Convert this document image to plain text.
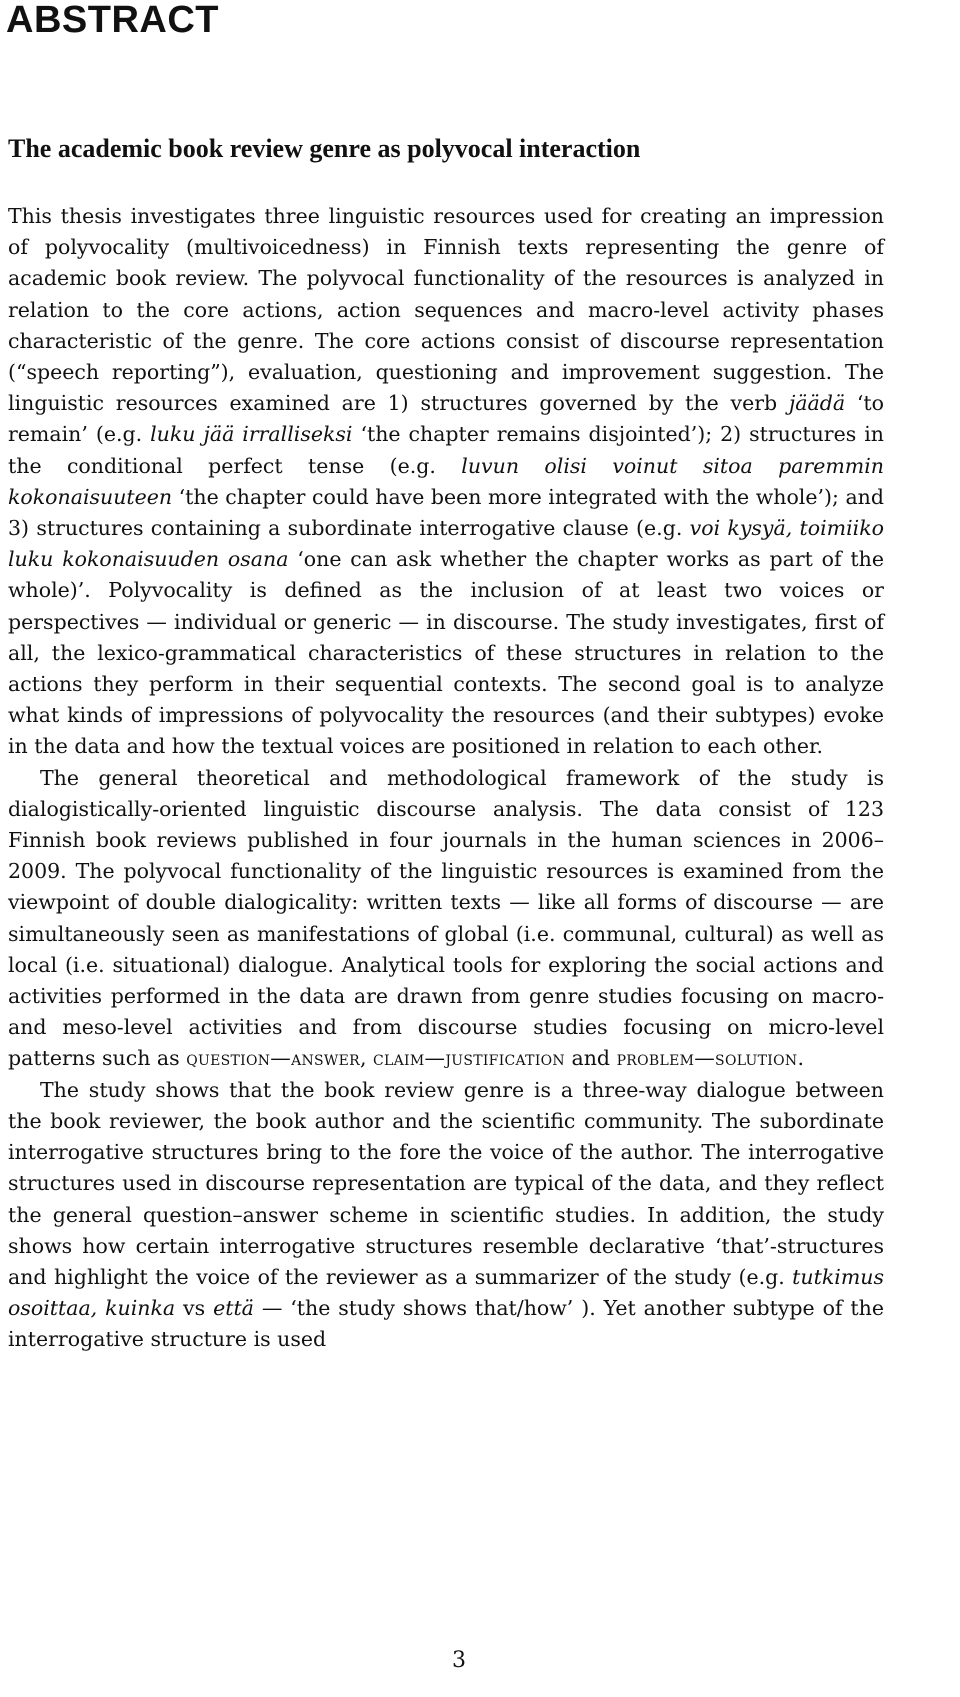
ABSTRACT
The academic book review genre as polyvocal interaction

This thesis investigates three linguistic resources used for creating an impression of polyvocality (multivoicedness) in Finnish texts representing the genre of academic book review. The polyvocal functionality of the resources is analyzed in relation to the core actions, action sequences and macro-level activity phases characteristic of the genre. The core actions consist of discourse representation (“speech reporting”), evaluation, questioning and improvement suggestion. The linguistic resources examined are 1) structures governed by the verb jäädä ‘to remain’ (e.g. luku jää irralliseksi ‘the chapter remains disjointed’); 2) structures in the conditional perfect tense (e.g. luvun olisi voinut sitoa paremmin kokonaisuuteen ‘the chapter could have been more integrated with the whole’); and 3) structures containing a subordinate interrogative clause (e.g. voi kysyä, toimiiko luku kokonaisuuden osana ‘one can ask whether the chapter works as part of the whole)’. Polyvocality is defined as the inclusion of at least two voices or perspectives — individual or generic — in discourse. The study investigates, first of all, the lexico-grammatical characteristics of these structures in relation to the actions they perform in their sequential contexts. The second goal is to analyze what kinds of impressions of polyvocality the resources (and their subtypes) evoke in the data and how the textual voices are positioned in relation to each other.

The general theoretical and methodological framework of the study is dialogistically-oriented linguistic discourse analysis. The data consist of 123 Finnish book reviews published in four journals in the human sciences in 2006–2009. The polyvocal functionality of the linguistic resources is examined from the viewpoint of double dialogicality: written texts — like all forms of discourse — are simultaneously seen as manifestations of global (i.e. communal, cultural) as well as local (i.e. situational) dialogue. Analytical tools for exploring the social actions and activities performed in the data are drawn from genre studies focusing on macro- and meso-level activities and from discourse studies focusing on micro-level patterns such as question—answer, claim—justification and problem—solution.

The study shows that the book review genre is a three-way dialogue between the book reviewer, the book author and the scientific community. The subordinate interrogative structures bring to the fore the voice of the author. The interrogative structures used in discourse representation are typical of the data, and they reflect the general question–answer scheme in scientific studies. In addition, the study shows how certain interrogative structures resemble declarative ‘that’-structures and highlight the voice of the reviewer as a summarizer of the study (e.g. tutkimus osoittaa, kuinka vs että — ‘the study shows that/how’ ). Yet another subtype of the interrogative structure is used

3
